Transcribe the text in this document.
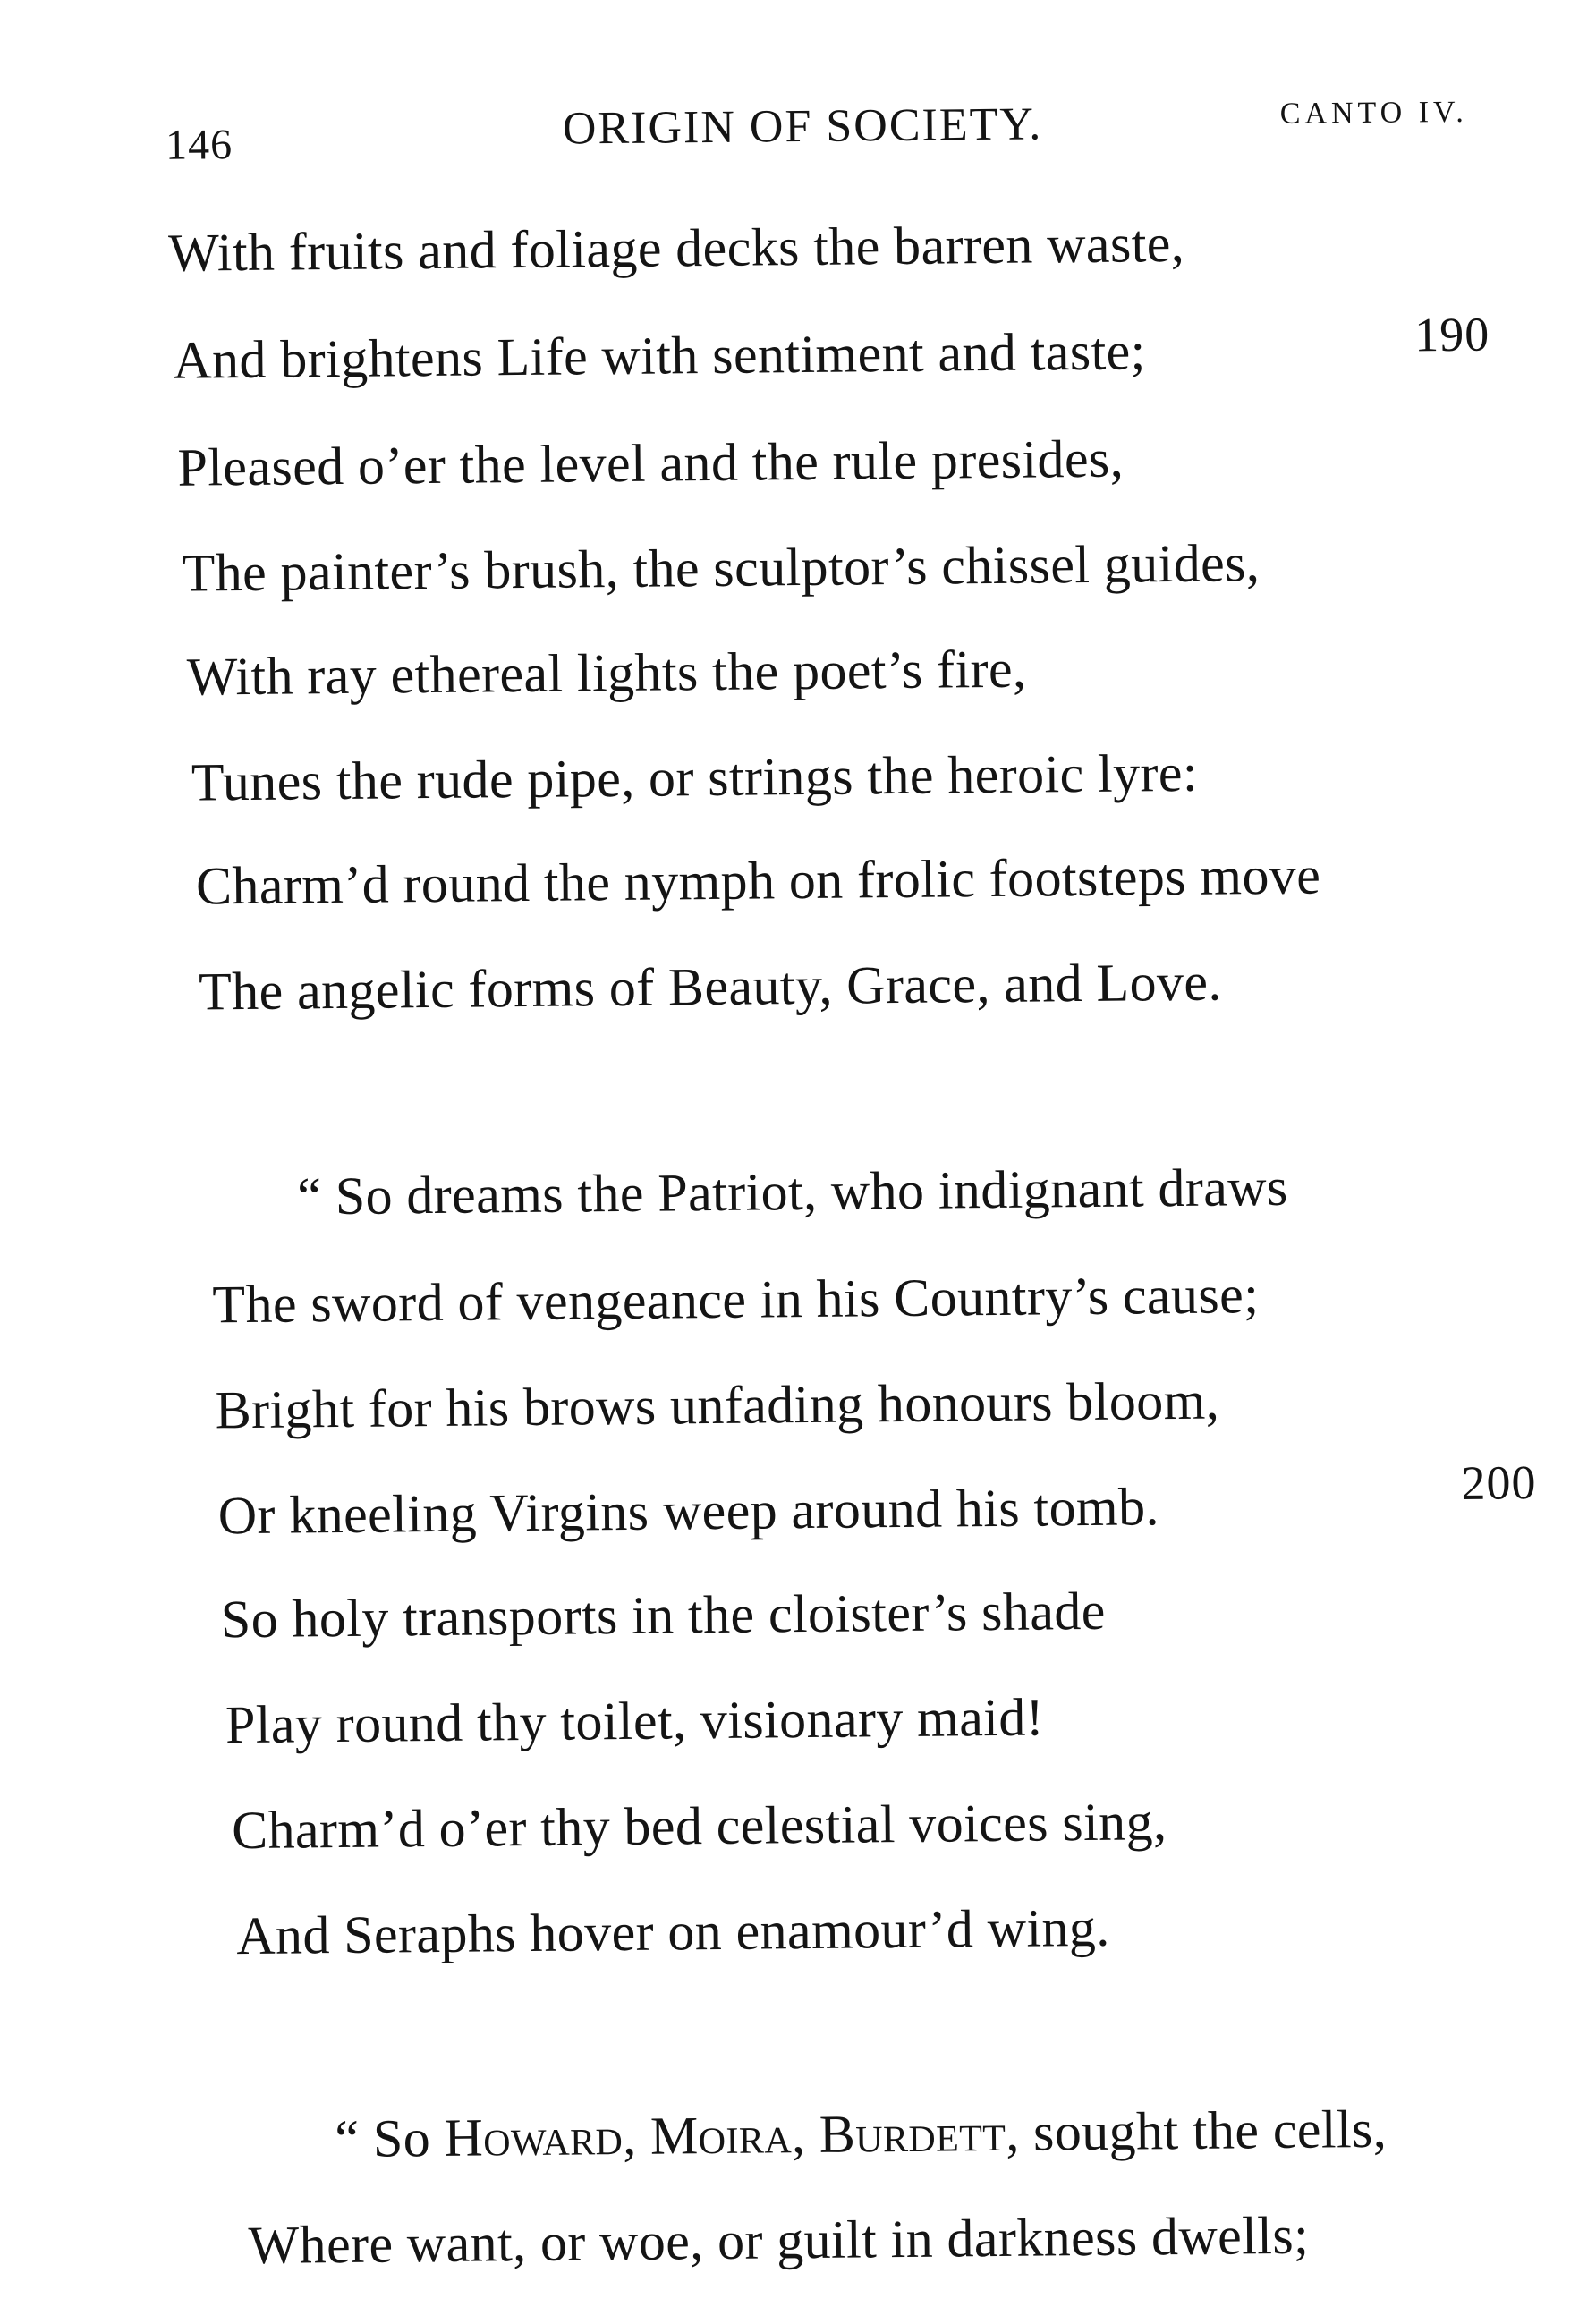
146	ORIGIN OF SOCIETY.	CANTO IV.
With fruits and foliage decks the barren waste,
And brightens Life with sentiment and taste;
Pleased o’er the level and the rule presides,
The painter’s brush, the sculptor’s chissel guides,
With ray ethereal lights the poet’s fire,
Tunes the rude pipe, or strings the heroic lyre:
Charm’d round the nymph on frolic footsteps move
The angelic forms of Beauty, Grace, and Love.
190
“ So dreams the Patriot, who indignant draws
The sword of vengeance in his Country’s cause;
Bright for his brows unfading honours bloom,
Or kneeling Virgins weep around his tomb.
So holy transports in the cloister’s shade
Play round thy toilet, visionary maid!
Charm’d o’er thy bed celestial voices sing,
And Seraphs hover on enamour’d wing.
200
“ So Howard, Moira, Burdett, sought the cells,
Where want, or woe, or guilt in darkness dwells;
